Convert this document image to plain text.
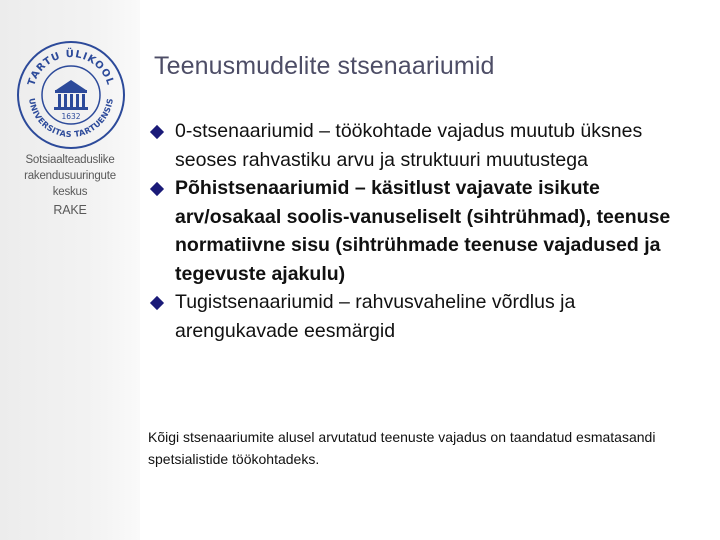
TARTU ÜLIKOOL
UNIVERSITAS TARTUENSIS
1632
Sotsiaalteaduslike
rakendusuuringute
keskus
RAKE
Teenusmudelite stsenaariumid
0-stsenaariumid – töökohtade vajadus muutub üksnes seoses rahvastiku arvu ja struktuuri muutustega
Põhistsenaariumid – käsitlust vajavate isikute arv/osakaal soolis-vanuseliselt (sihtrühmad), teenuse normatiivne sisu (sihtrühmade teenuse vajadused ja tegevuste ajakulu)
Tugistsenaariumid – rahvusvaheline võrdlus ja arengukavade eesmärgid
Kõigi stsenaariumite alusel arvutatud teenuste vajadus on taandatud esmatasandi spetsialistide töökohtadeks.
